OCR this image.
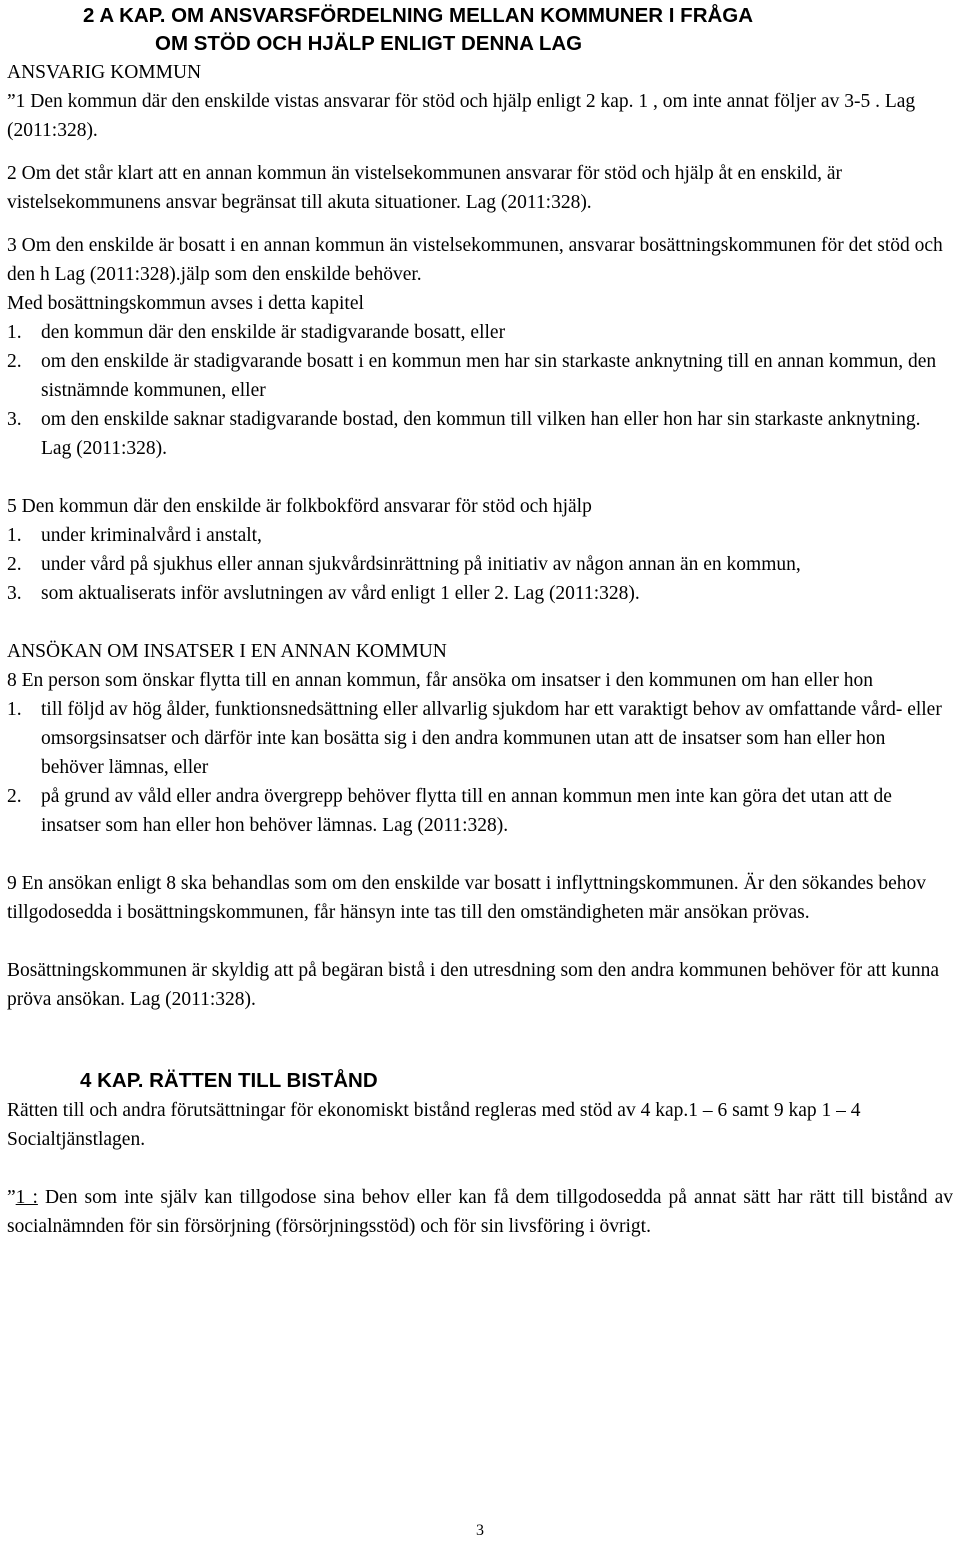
2 A KAP. OM ANSVARSFÖRDELNING MELLAN KOMMUNER I FRÅGA
OM STÖD OCH HJÄLP ENLIGT DENNA LAG
ANSVARIG KOMMUN

”1 Den kommun där den enskilde vistas ansvarar för stöd och hjälp enligt 2 kap. 1 , om inte annat följer av 3-5 . Lag (2011:328).

2 Om det står klart att en annan kommun än vistelsekommunen ansvarar för stöd och hjälp åt en enskild, är vistelsekommunens ansvar begränsat till akuta situationer. Lag (2011:328).

3 Om den enskilde är bosatt i en annan kommun än vistelsekommunen, ansvarar bosättningskommunen för det stöd och den h Lag (2011:328).jälp som den enskilde behöver.

Med bosättningskommun avses i detta kapitel

1. den kommun där den enskilde är stadigvarande bosatt, eller
2. om den enskilde är stadigvarande bosatt i en kommun men har sin starkaste anknytning till en annan kommun, den sistnämnde kommunen, eller
3. om den enskilde saknar stadigvarande bostad, den kommun till vilken han eller hon har sin starkaste anknytning. Lag (2011:328).

5 Den kommun där den enskilde är folkbokförd ansvarar för stöd och hjälp

1. under kriminalvård i anstalt,
2. under vård på sjukhus eller annan sjukvårdsinrättning på initiativ av någon annan än en kommun,
3. som aktualiserats inför avslutningen av vård enligt 1 eller 2. Lag (2011:328).
ANSÖKAN OM INSATSER I EN ANNAN KOMMUN

8 En person som önskar flytta till en annan kommun, får ansöka om insatser i den kommunen om han eller hon

1. till följd av hög ålder, funktionsnedsättning eller allvarlig sjukdom har ett varaktigt behov av omfattande vård- eller omsorgsinsatser och därför inte kan bosätta sig i den andra kommunen utan att de insatser som han eller hon behöver lämnas, eller
2. på grund av våld eller andra övergrepp behöver flytta till en annan kommun men inte kan göra det utan att de insatser som han eller hon behöver lämnas. Lag (2011:328).

9 En ansökan enligt 8 ska behandlas som om den enskilde var bosatt i inflyttningskommunen. Är den sökandes behov tillgodosedda i bosättningskommunen, får hänsyn inte tas till den omständigheten mär ansökan prövas.

Bosättningskommunen är skyldig att på begäran bistå i den utresdning som den andra kommunen behöver för att kunna pröva ansökan. Lag (2011:328).

4 KAP. RÄTTEN TILL BISTÅND

Rätten till och andra förutsättningar för ekonomiskt bistånd regleras med stöd av 4 kap.1 – 6 samt 9 kap 1 – 4 Socialtjänstlagen.

”1 : Den som inte själv kan tillgodose sina behov eller kan få dem tillgodosedda på annat sätt har rätt till bistånd av socialnämnden för sin försörjning (försörjningsstöd) och för sin livsföring i övrigt.

3
